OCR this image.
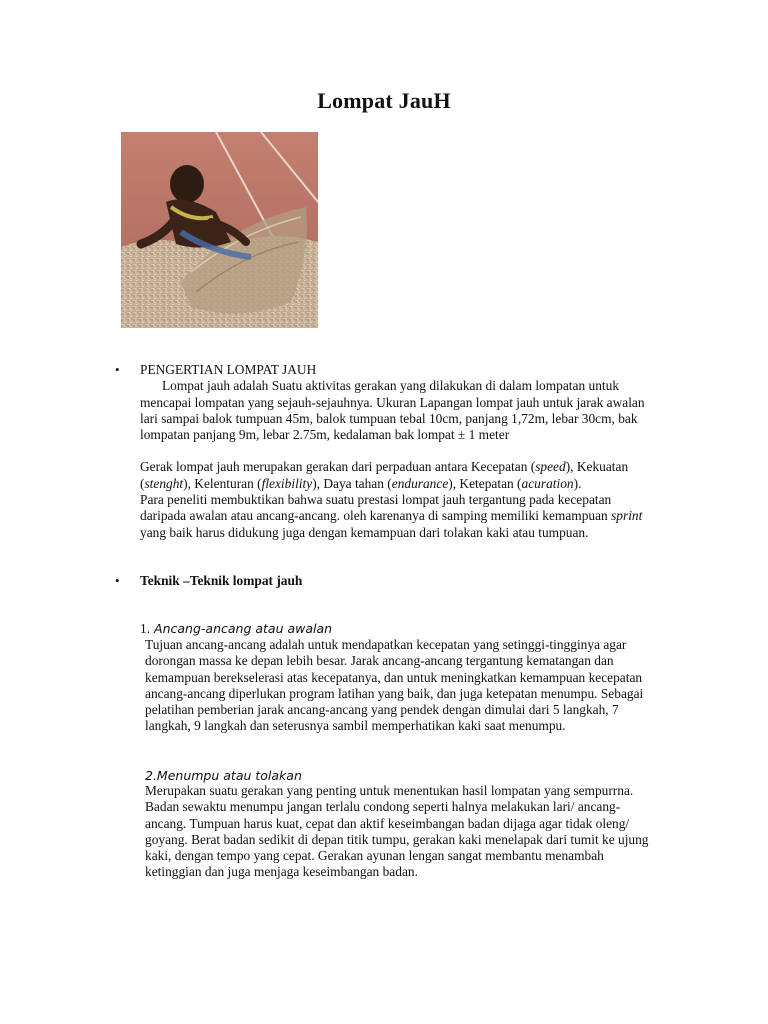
Lompat JauH
• PENGERTIAN LOMPAT JAUH
Lompat jauh adalah Suatu aktivitas gerakan yang dilakukan di dalam lompatan untuk mencapai lompatan yang sejauh-sejauhnya. Ukuran Lapangan lompat jauh untuk jarak awalan lari sampai balok tumpuan 45m, balok tumpuan tebal 10cm, panjang 1,72m, lebar 30cm, bak lompatan panjang 9m, lebar 2.75m, kedalaman bak lompat ± 1 meter
Gerak lompat jauh merupakan gerakan dari perpaduan antara Kecepatan (speed), Kekuatan (stenght), Kelenturan (flexibility), Daya tahan (endurance), Ketepatan (acuration).
Para peneliti membuktikan bahwa suatu prestasi lompat jauh tergantung pada kecepatan daripada awalan atau ancang-ancang. oleh karenanya di samping memiliki kemampuan sprint yang baik harus didukung juga dengan kemampuan dari tolakan kaki atau tumpuan.
• Teknik –Teknik lompat jauh
1. Ancang-ancang atau awalan
Tujuan ancang-ancang adalah untuk mendapatkan kecepatan yang setinggi-tingginya agar dorongan massa ke depan lebih besar. Jarak ancang-ancang tergantung kematangan dan kemampuan berekselerasi atas kecepatanya, dan untuk meningkatkan kemampuan kecepatan ancang-ancang diperlukan program latihan yang baik, dan juga ketepatan menumpu. Sebagai pelatihan pemberian jarak ancang-ancang yang pendek dengan dimulai dari 5 langkah, 7 langkah, 9 langkah dan seterusnya sambil memperhatikan kaki saat menumpu.
2.Menumpu atau tolakan
Merupakan suatu gerakan yang penting untuk menentukan hasil lompatan yang sempurrna.
Badan sewaktu menumpu jangan terlalu condong seperti halnya melakukan lari/ ancang-ancang. Tumpuan harus kuat, cepat dan aktif keseimbangan badan dijaga agar tidak oleng/ goyang. Berat badan sedikit di depan titik tumpu, gerakan kaki menelapak dari tumit ke ujung kaki, dengan tempo yang cepat. Gerakan ayunan lengan sangat membantu menambah ketinggian dan juga menjaga keseimbangan badan.
